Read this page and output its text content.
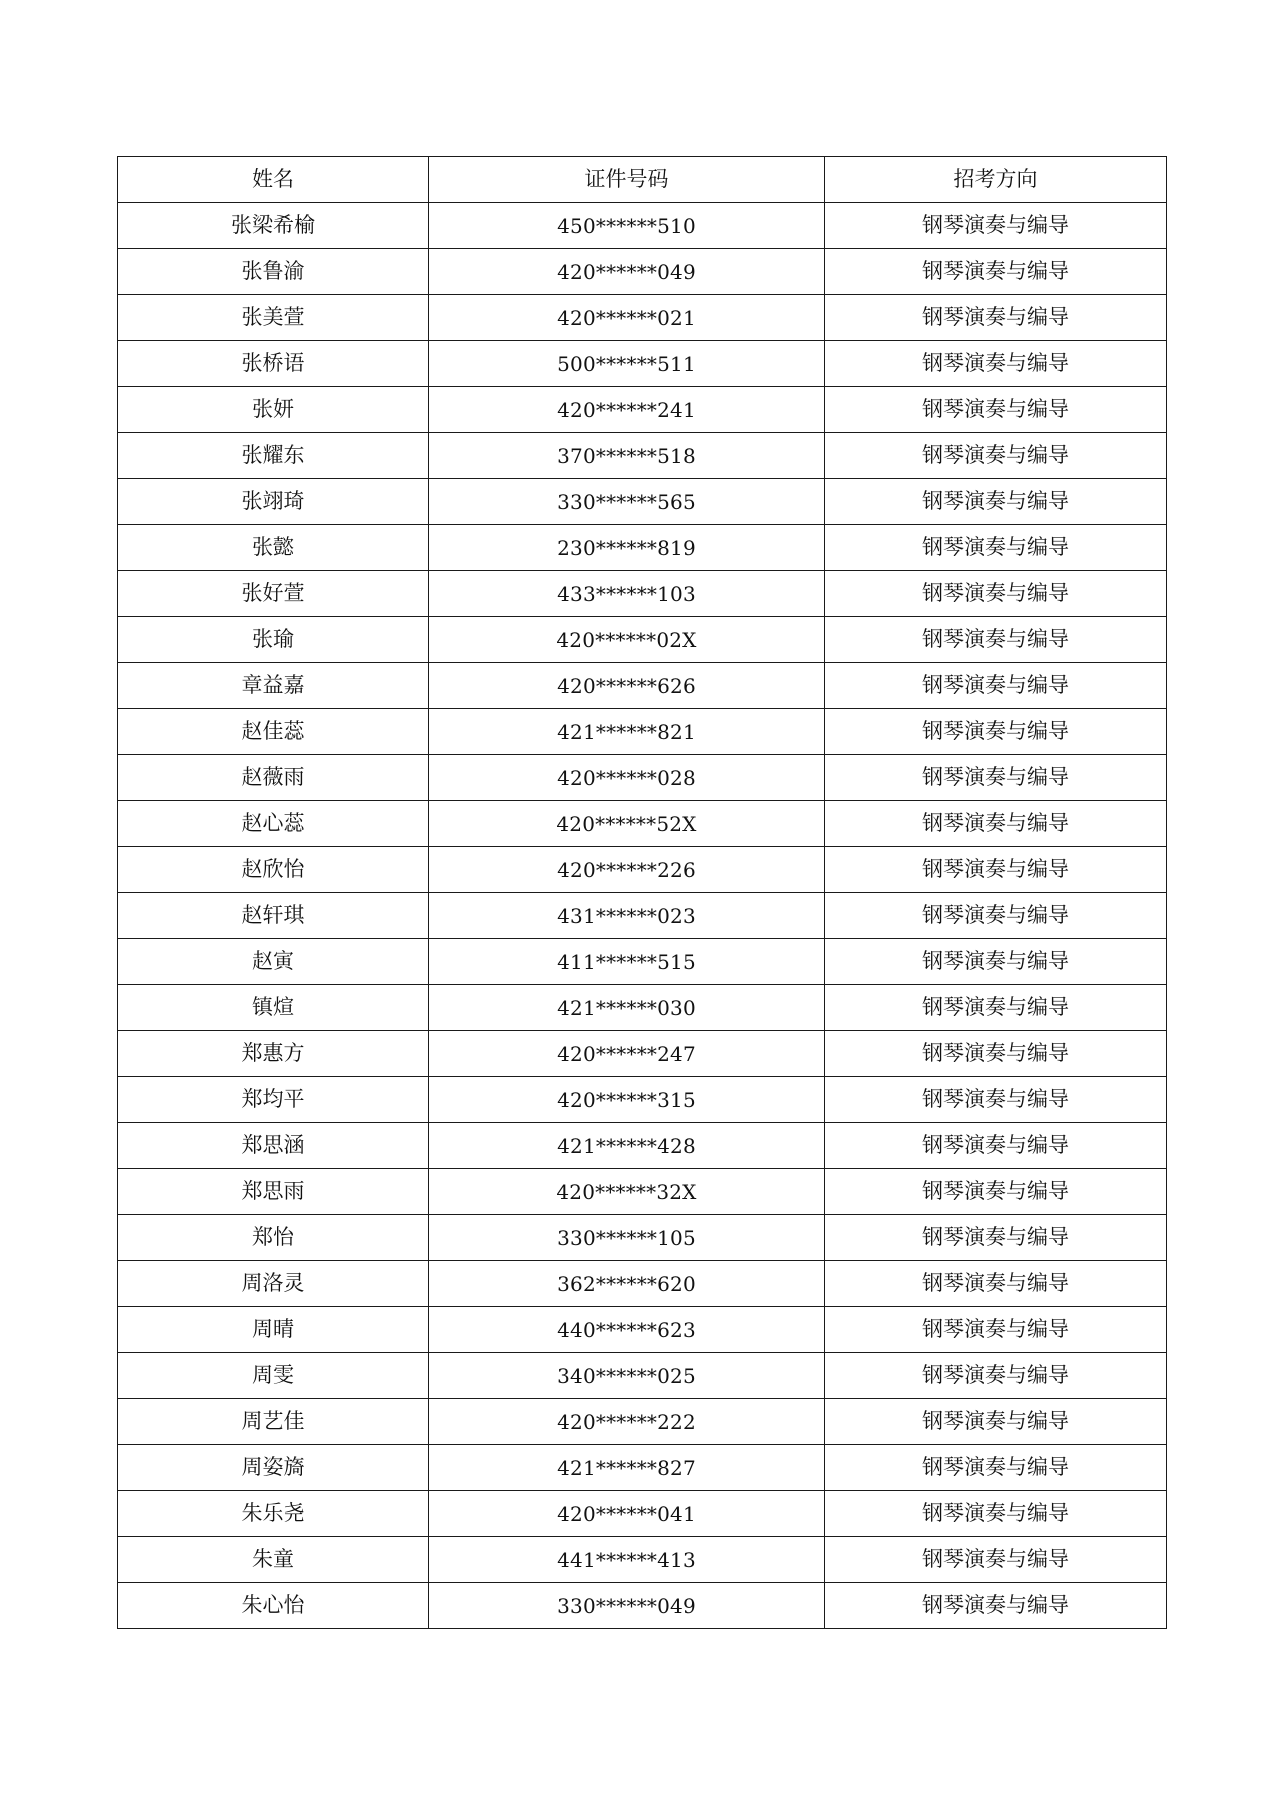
姓名	证件号码	招考方向
张梁希榆	450******510	钢琴演奏与编导
张鲁渝	420******049	钢琴演奏与编导
张美萱	420******021	钢琴演奏与编导
张桥语	500******511	钢琴演奏与编导
张妍	420******241	钢琴演奏与编导
张耀东	370******518	钢琴演奏与编导
张翊琦	330******565	钢琴演奏与编导
张懿	230******819	钢琴演奏与编导
张好萱	433******103	钢琴演奏与编导
张瑜	420******02X	钢琴演奏与编导
章益嘉	420******626	钢琴演奏与编导
赵佳蕊	421******821	钢琴演奏与编导
赵薇雨	420******028	钢琴演奏与编导
赵心蕊	420******52X	钢琴演奏与编导
赵欣怡	420******226	钢琴演奏与编导
赵轩琪	431******023	钢琴演奏与编导
赵寅	411******515	钢琴演奏与编导
镇煊	421******030	钢琴演奏与编导
郑惠方	420******247	钢琴演奏与编导
郑均平	420******315	钢琴演奏与编导
郑思涵	421******428	钢琴演奏与编导
郑思雨	420******32X	钢琴演奏与编导
郑怡	330******105	钢琴演奏与编导
周洛灵	362******620	钢琴演奏与编导
周晴	440******623	钢琴演奏与编导
周雯	340******025	钢琴演奏与编导
周艺佳	420******222	钢琴演奏与编导
周姿旖	421******827	钢琴演奏与编导
朱乐尧	420******041	钢琴演奏与编导
朱童	441******413	钢琴演奏与编导
朱心怡	330******049	钢琴演奏与编导
